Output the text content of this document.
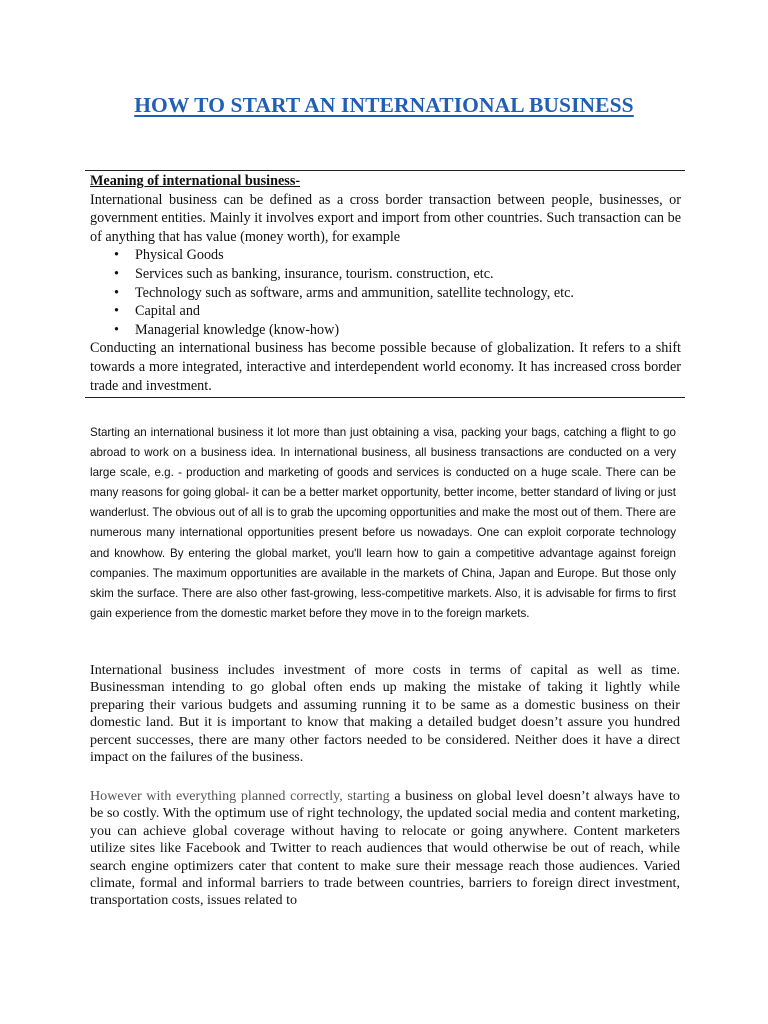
HOW TO START AN INTERNATIONAL BUSINESS

Meaning of international business-

International business can be defined as a cross border transaction between people, businesses, or government entities. Mainly it involves export and import from other countries. Such transaction can be of anything that has value (money worth), for example

• Physical Goods
• Services such as banking, insurance, tourism. construction, etc.
• Technology such as software, arms and ammunition, satellite technology, etc.
• Capital and
• Managerial knowledge (know-how)

Conducting an international business has become possible because of globalization. It refers to a shift towards a more integrated, interactive and interdependent world economy. It has increased cross border trade and investment.

Starting an international business it lot more than just obtaining a visa, packing your bags, catching a flight to go abroad to work on a business idea. In international business, all business transactions are conducted on a very large scale, e.g. - production and marketing of goods and services is conducted on a huge scale. There can be many reasons for going global- it can be a better market opportunity, better income, better standard of living or just wanderlust. The obvious out of all is to grab the upcoming opportunities and make the most out of them. There are numerous many international opportunities present before us nowadays. One can exploit corporate technology and knowhow. By entering the global market, you'll learn how to gain a competitive advantage against foreign companies. The maximum opportunities are available in the markets of China, Japan and Europe. But those only skim the surface. There are also other fast-growing, less-competitive markets. Also, it is advisable for firms to first gain experience from the domestic market before they move in to the foreign markets.

International business includes investment of more costs in terms of capital as well as time. Businessman intending to go global often ends up making the mistake of taking it lightly while preparing their various budgets and assuming running it to be same as a domestic business on their domestic land. But it is important to know that making a detailed budget doesn’t assure you hundred percent successes, there are many other factors needed to be considered. Neither does it have a direct impact on the failures of the business.

However with everything planned correctly, starting a business on global level doesn’t always have to be so costly. With the optimum use of right technology, the updated social media and content marketing, you can achieve global coverage without having to relocate or going anywhere. Content marketers utilize sites like Facebook and Twitter to reach audiences that would otherwise be out of reach, while search engine optimizers cater that content to make sure their message reach those audiences. Varied climate, formal and informal barriers to trade between countries, barriers to foreign direct investment, transportation costs, issues related to
